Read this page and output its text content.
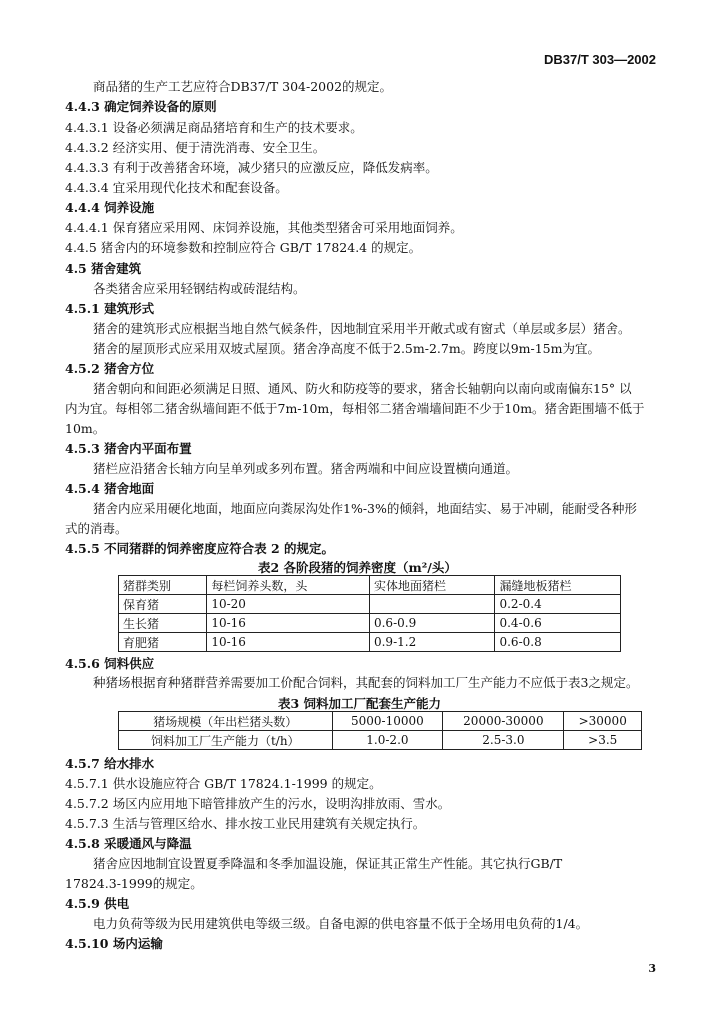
DB37/T 303—2002
商品猪的生产工艺应符合DB37/T 304-2002的规定。
4.4.3 确定饲养设备的原则
4.4.3.1 设备必须满足商品猪培育和生产的技术要求。
4.4.3.2 经济实用、便于清洗消毒、安全卫生。
4.4.3.3 有利于改善猪舍环境，减少猪只的应激反应，降低发病率。
4.4.3.4 宜采用现代化技术和配套设备。
4.4.4 饲养设施
4.4.4.1 保育猪应采用网、床饲养设施，其他类型猪舍可采用地面饲养。
4.4.5 猪舍内的环境参数和控制应符合 GB/T 17824.4 的规定。
4.5 猪舍建筑
各类猪舍应采用轻钢结构或砖混结构。
4.5.1 建筑形式
猪舍的建筑形式应根据当地自然气候条件，因地制宜采用半开敞式或有窗式（单层或多层）猪舍。
猪舍的屋顶形式应采用双坡式屋顶。猪舍净高度不低于2.5m-2.7m。跨度以9m-15m为宜。
4.5.2 猪舍方位
猪舍朝向和间距必须满足日照、通风、防火和防疫等的要求，猪舍长轴朝向以南向或南偏东15° 以
内为宜。每相邻二猪舍纵墙间距不低于7m-10m，每相邻二猪舍端墙间距不少于10m。猪舍距围墙不低于
10m。
4.5.3 猪舍内平面布置
猪栏应沿猪舍长轴方向呈单列或多列布置。猪舍两端和中间应设置横向通道。
4.5.4 猪舍地面
猪舍内应采用硬化地面，地面应向粪尿沟处作1%-3%的倾斜，地面结实、易于冲刷，能耐受各种形
式的消毒。
4.5.5 不同猪群的饲养密度应符合表 2 的规定。
表2 各阶段猪的饲养密度（m²/头）
猪群类别	每栏饲养头数，头	实体地面猪栏	漏缝地板猪栏
保育猪	10-20		0.2-0.4
生长猪	10-16	0.6-0.9	0.4-0.6
育肥猪	10-16	0.9-1.2	0.6-0.8
4.5.6 饲料供应
种猪场根据育种猪群营养需要加工价配合饲料，其配套的饲料加工厂生产能力不应低于表3之规定。
表3 饲料加工厂配套生产能力
猪场规模（年出栏猪头数）	5000-10000	20000-30000	>30000
饲料加工厂生产能力（t/h）	1.0-2.0	2.5-3.0	>3.5
4.5.7 给水排水
4.5.7.1 供水设施应符合 GB/T 17824.1-1999 的规定。
4.5.7.2 场区内应用地下暗管排放产生的污水，设明沟排放雨、雪水。
4.5.7.3 生活与管理区给水、排水按工业民用建筑有关规定执行。
4.5.8 采暖通风与降温
猪舍应因地制宜设置夏季降温和冬季加温设施，保证其正常生产性能。其它执行GB/T
17824.3-1999的规定。
4.5.9 供电
电力负荷等级为民用建筑供电等级三级。自备电源的供电容量不低于全场用电负荷的1/4。
4.5.10 场内运输
3
